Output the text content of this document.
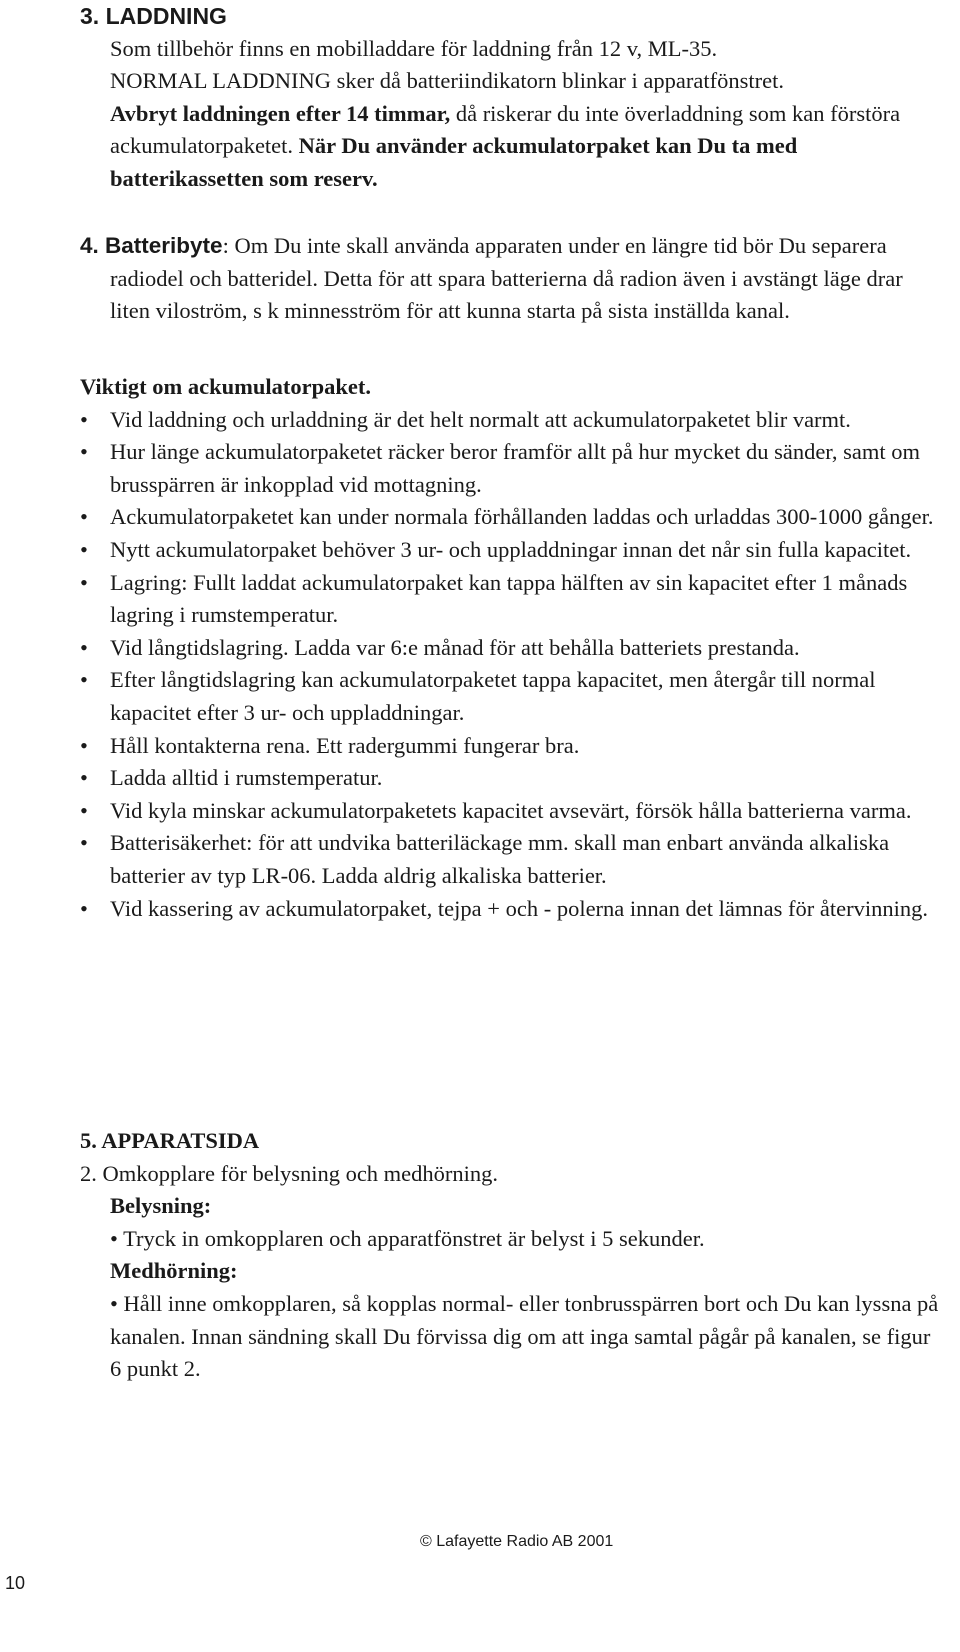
3. LADDNING

Som tillbehör finns en mobilladdare för laddning från 12 v, ML-35.

NORMAL LADDNING sker då batteriindikatorn blinkar i apparatfönstret.

Avbryt laddningen efter 14 timmar, då riskerar du inte överladdning som kan förstöra ackumulatorpaketet. När Du använder ackumulatorpaket kan Du ta med batterikassetten som reserv.

4. Batteribyte: Om Du inte skall använda apparaten under en längre tid bör Du separera radiodel och batteridel. Detta för att spara batterierna då radion även i avstängt läge drar liten viloström, s k minnesström för att kunna starta på sista inställda kanal.

Viktigt om ackumulatorpaket.

• Vid laddning och urladdning är det helt normalt att ackumulatorpaketet blir varmt.
• Hur länge ackumulatorpaketet räcker beror framför allt på hur mycket du sänder, samt om brusspärren är inkopplad vid mottagning.
• Ackumulatorpaketet kan under normala förhållanden laddas och urladdas 300-1000 gånger.
• Nytt ackumulatorpaket behöver 3 ur- och uppladdningar innan det når sin fulla kapacitet.
• Lagring: Fullt laddat ackumulatorpaket kan tappa hälften av sin kapacitet efter 1 månads lagring i rumstemperatur.
• Vid långtidslagring. Ladda var 6:e månad för att behålla batteriets prestanda.
• Efter långtidslagring kan ackumulatorpaketet tappa kapacitet, men återgår till normal kapacitet efter 3 ur- och uppladdningar.
• Håll kontakterna rena. Ett radergummi fungerar bra.
• Ladda alltid i rumstemperatur.
• Vid kyla minskar ackumulatorpaketets kapacitet avsevärt, försök hålla batterierna varma.
• Batterisäkerhet: för att undvika batteriläckage mm. skall man enbart använda alkaliska batterier av typ LR-06. Ladda aldrig alkaliska batterier.
• Vid kassering av ackumulatorpaket, tejpa + och - polerna innan det lämnas för återvinning.

5. APPARATSIDA

2. Omkopplare för belysning och medhörning.

Belysning:

• Tryck in omkopplaren och apparatfönstret är belyst i 5 sekunder.

Medhörning:

• Håll inne omkopplaren, så kopplas normal- eller tonbrusspärren bort och Du kan lyssna på kanalen. Innan sändning skall Du förvissa dig om att inga samtal pågår på kanalen, se figur 6 punkt 2.

© Lafayette Radio AB 2001
10
